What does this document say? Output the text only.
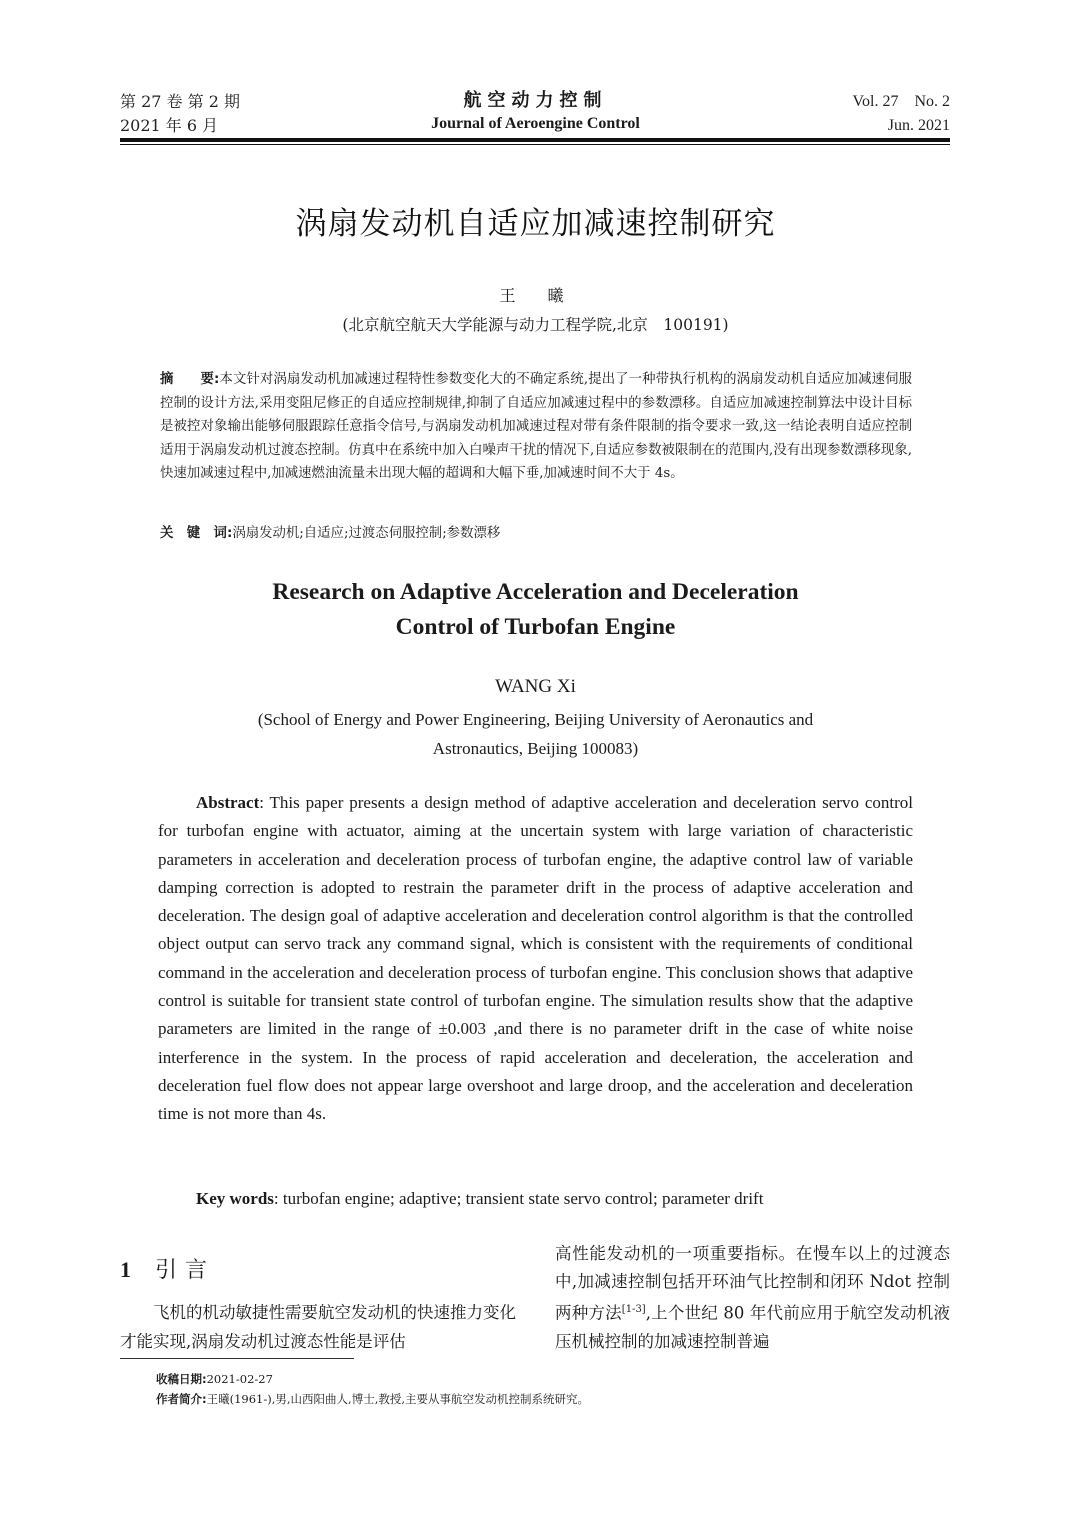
第 27 卷 第 2 期
2021 年 6 月
航空动力控制
Journal of Aeroengine Control
Vol. 27　No. 2
Jun. 2021
涡扇发动机自适应加减速控制研究
王　曦
(北京航空航天大学能源与动力工程学院,北京　100191)
摘　　要:本文针对涡扇发动机加减速过程特性参数变化大的不确定系统,提出了一种带执行机构的涡扇发动机自适应加减速伺服控制的设计方法,采用变阻尼修正的自适应控制规律,抑制了自适应加减速过程中的参数漂移。自适应加减速控制算法中设计目标是被控对象输出能够伺服跟踪任意指令信号,与涡扇发动机加减速过程对带有条件限制的指令要求一致,这一结论表明自适应控制适用于涡扇发动机过渡态控制。仿真中在系统中加入白噪声干扰的情况下,自适应参数被限制在的范围内,没有出现参数漂移现象,快速加减速过程中,加减速燃油流量未出现大幅的超调和大幅下垂,加减速时间不大于 4s。
关　键　词:涡扇发动机;自适应;过渡态伺服控制;参数漂移
Research on Adaptive Acceleration and Deceleration
Control of Turbofan Engine
WANG Xi
(School of Energy and Power Engineering, Beijing University of Aeronautics and
Astronautics, Beijing 100083)
Abstract: This paper presents a design method of adaptive acceleration and deceleration servo control for turbofan engine with actuator, aiming at the uncertain system with large variation of characteristic parameters in acceleration and deceleration process of turbofan engine, the adaptive control law of variable damping correction is adopted to restrain the parameter drift in the process of adaptive acceleration and deceleration. The design goal of adaptive acceleration and deceleration control algorithm is that the controlled object output can servo track any command signal, which is consistent with the requirements of conditional command in the acceleration and deceleration process of turbofan engine. This conclusion shows that adaptive control is suitable for transient state control of turbofan engine. The simulation results show that the adaptive parameters are limited in the range of ±0.003 ,and there is no parameter drift in the case of white noise interference in the system. In the process of rapid acceleration and deceleration, the acceleration and deceleration fuel flow does not appear large overshoot and large droop, and the acceleration and deceleration time is not more than 4s.
Key words: turbofan engine; adaptive; transient state servo control; parameter drift
1 引言
飞机的机动敏捷性需要航空发动机的快速推力变化才能实现,涡扇发动机过渡态性能是评估
高性能发动机的一项重要指标。在慢车以上的过渡态中,加减速控制包括开环油气比控制和闭环 Ndot 控制两种方法[1-3],上个世纪 80 年代前应用于航空发动机液压机械控制的加减速控制普遍
收稿日期:2021-02-27
作者简介:王曦(1961-),男,山西阳曲人,博士,教授,主要从事航空发动机控制系统研究。
